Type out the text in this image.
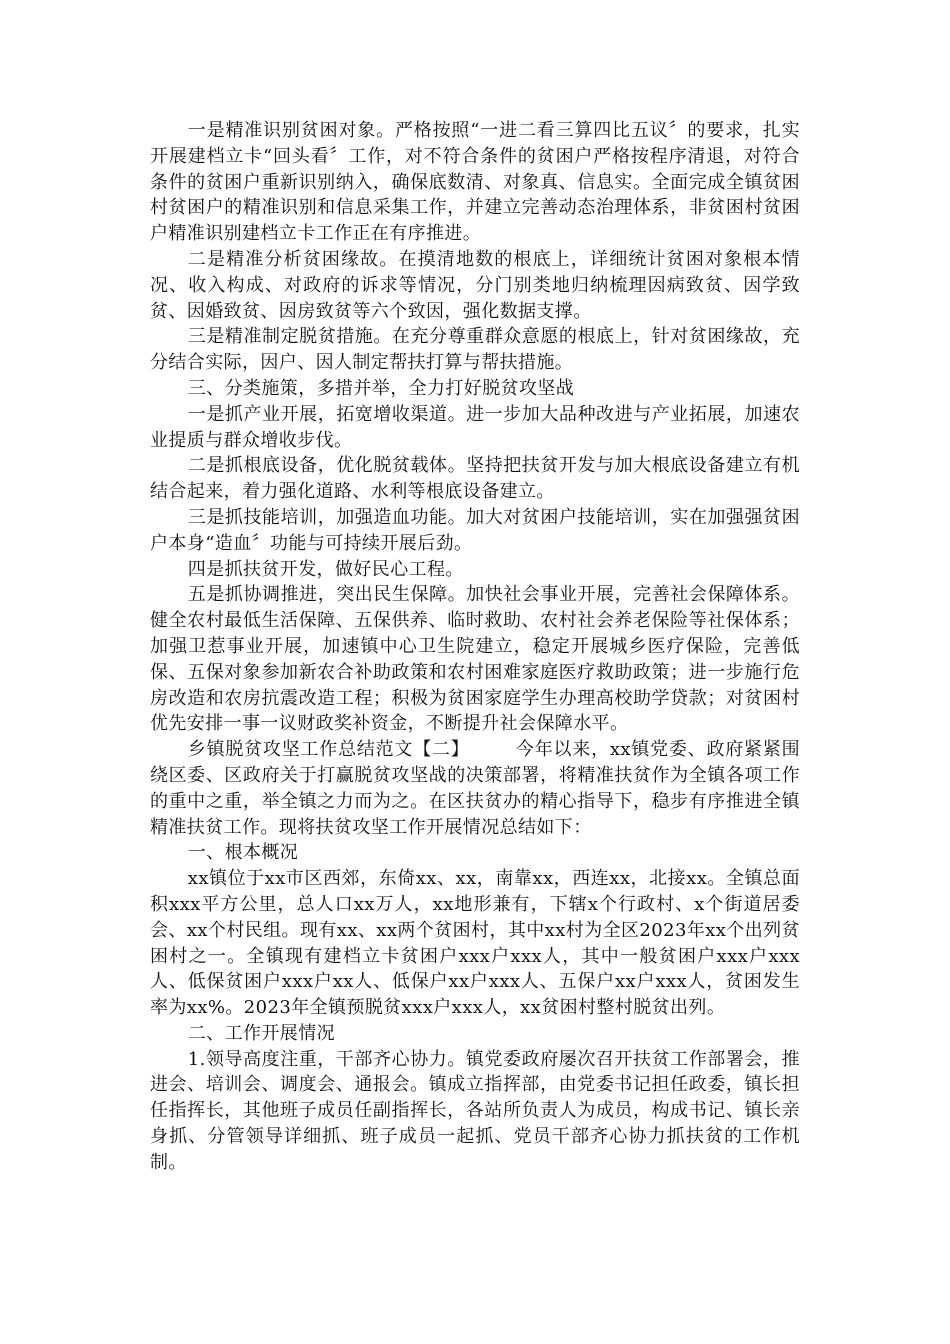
一是精准识别贫困对象。严格按照“一进二看三算四比五议〞的要求，扎实开展建档立卡“回头看〞工作，对不符合条件的贫困户严格按程序清退，对符合条件的贫困户重新识别纳入，确保底数清、对象真、信息实。全面完成全镇贫困村贫困户的精准识别和信息采集工作，并建立完善动态治理体系，非贫困村贫困户精准识别建档立卡工作正在有序推进。

二是精准分析贫困缘故。在摸清地数的根底上，详细统计贫困对象根本情况、收入构成、对政府的诉求等情况，分门别类地归纳梳理因病致贫、因学致贫、因婚致贫、因房致贫等六个致因，强化数据支撑。

三是精准制定脱贫措施。在充分尊重群众意愿的根底上，针对贫困缘故，充分结合实际，因户、因人制定帮扶打算与帮扶措施。

三、分类施策，多措并举，全力打好脱贫攻坚战

一是抓产业开展，拓宽增收渠道。进一步加大品种改进与产业拓展，加速农业提质与群众增收步伐。

二是抓根底设备，优化脱贫载体。坚持把扶贫开发与加大根底设备建立有机结合起来，着力强化道路、水利等根底设备建立。

三是抓技能培训，加强造血功能。加大对贫困户技能培训，实在加强强贫困户本身“造血〞功能与可持续开展后劲。

四是抓扶贫开发，做好民心工程。

五是抓协调推进，突出民生保障。加快社会事业开展，完善社会保障体系。健全农村最低生活保障、五保供养、临时救助、农村社会养老保险等社保体系；加强卫惹事业开展，加速镇中心卫生院建立，稳定开展城乡医疗保险，完善低保、五保对象参加新农合补助政策和农村困难家庭医疗救助政策；进一步施行危房改造和农房抗震改造工程；积极为贫困家庭学生办理高校助学贷款；对贫困村优先安排一事一议财政奖补资金，不断提升社会保障水平。

乡镇脱贫攻坚工作总结范文【二】	今年以来，xx镇党委、政府紧紧围绕区委、区政府关于打赢脱贫攻坚战的决策部署，将精准扶贫作为全镇各项工作的重中之重，举全镇之力而为之。在区扶贫办的精心指导下，稳步有序推进全镇精准扶贫工作。现将扶贫攻坚工作开展情况总结如下：

一、根本概况

xx镇位于xx市区西郊，东倚xx、xx，南靠xx，西连xx，北接xx。全镇总面积xxx平方公里，总人口xx万人，xx地形兼有，下辖x个行政村、x个街道居委会、xx个村民组。现有xx、xx两个贫困村，其中xx村为全区2023年xx个出列贫困村之一。全镇现有建档立卡贫困户xxx户xxx人，其中一般贫困户xxx户xxx人、低保贫困户xxx户xx人、低保户xx户xxx人、五保户xx户xxx人，贫困发生率为xx%。2023年全镇预脱贫xxx户xxx人，xx贫困村整村脱贫出列。

二、工作开展情况

1.领导高度注重，干部齐心协力。镇党委政府屡次召开扶贫工作部署会，推进会、培训会、调度会、通报会。镇成立指挥部，由党委书记担任政委，镇长担任指挥长，其他班子成员任副指挥长，各站所负责人为成员，构成书记、镇长亲身抓、分管领导详细抓、班子成员一起抓、党员干部齐心协力抓扶贫的工作机制。
